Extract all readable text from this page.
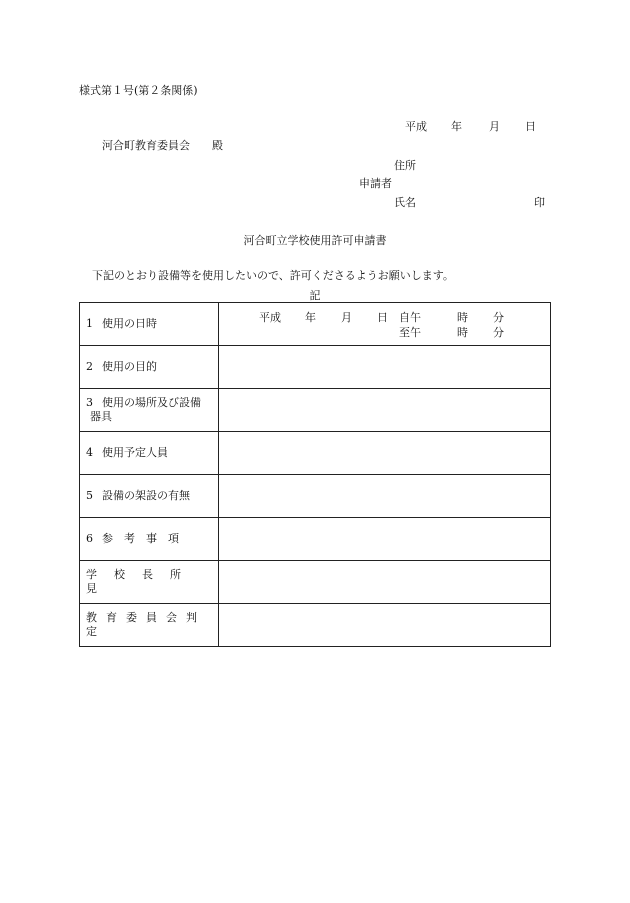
様式第１号(第２条関係)
平成 年 月 日
河合町教育委員会 殿
住所
申請者
氏名	印
河合町立学校使用許可申請書
下記のとおり設備等を使用したいので、許可くださるようお願いします。
記
1 使用の日時	平成 年 月 日 自午 時 分
至午 時 分

2 使用の目的	
3 使用の場所及び設備
器具	
4 使用予定人員	
5 設備の架設の有無	
6 参考事項	
学校長所見	
教育委員会判定	
